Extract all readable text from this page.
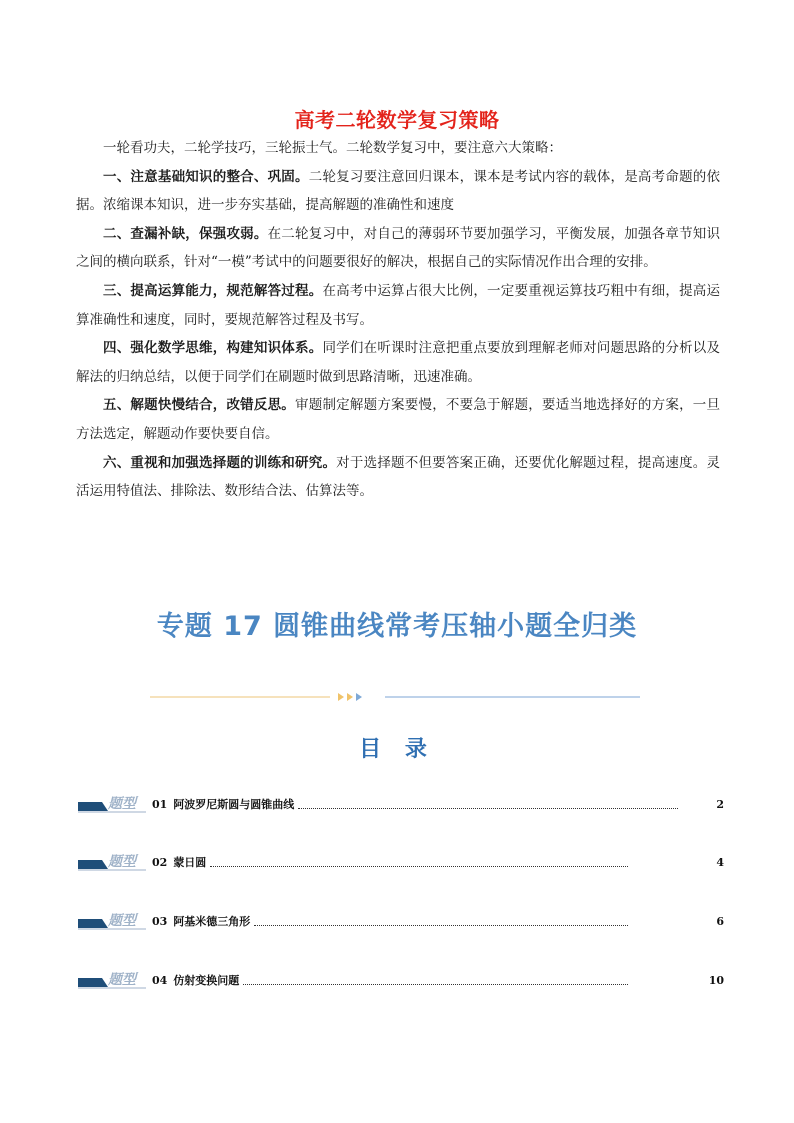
高考二轮数学复习策略

一轮看功夫，二轮学技巧，三轮振士气。二轮数学复习中，要注意六大策略：

一、注意基础知识的整合、巩固。二轮复习要注意回归课本，课本是考试内容的载体，是高考命题的依据。浓缩课本知识，进一步夯实基础，提高解题的准确性和速度

二、查漏补缺，保强攻弱。在二轮复习中，对自己的薄弱环节要加强学习，平衡发展，加强各章节知识之间的横向联系，针对“一模”考试中的问题要很好的解决，根据自己的实际情况作出合理的安排。

三、提高运算能力，规范解答过程。在高考中运算占很大比例，一定要重视运算技巧粗中有细，提高运算准确性和速度，同时，要规范解答过程及书写。

四、强化数学思维，构建知识体系。同学们在听课时注意把重点要放到理解老师对问题思路的分析以及解法的归纳总结，以便于同学们在刷题时做到思路清晰，迅速准确。

五、解题快慢结合，改错反思。审题制定解题方案要慢，不要急于解题，要适当地选择好的方案，一旦方法选定，解题动作要快要自信。

六、重视和加强选择题的训练和研究。对于选择题不但要答案正确，还要优化解题过程，提高速度。灵活运用特值法、排除法、数形结合法、估算法等。

专题 17 圆锥曲线常考压轴小题全归类
目 录
题型 01 阿波罗尼斯圆与圆锥曲线	2
题型 02 蒙日圆	4
题型 03 阿基米德三角形	6
题型 04 仿射变换问题	10
